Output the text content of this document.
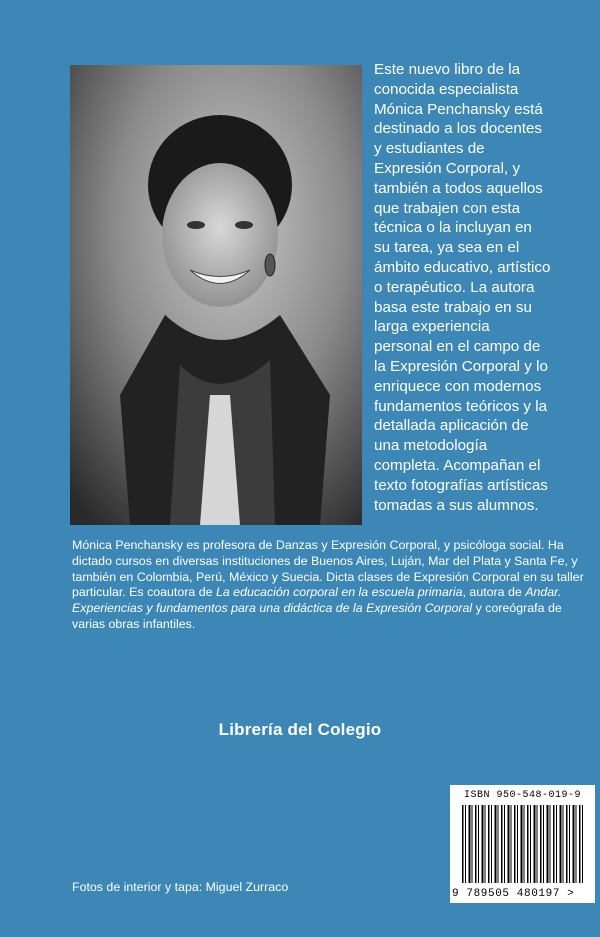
Este nuevo libro de la
conocida especialista
Mónica Penchansky está
destinado a los docentes
y estudiantes de
Expresión Corporal, y
también a todos aquellos
que trabajen con esta
técnica o la incluyan en
su tarea, ya sea en el
ámbito educativo, artístico
o terapéutico. La autora
basa este trabajo en su
larga experiencia
personal en el campo de
la Expresión Corporal y lo
enriquece con modernos
fundamentos teóricos y la
detallada aplicación de
una metodología
completa. Acompañan el
texto fotografías artísticas
tomadas a sus alumnos.
Mónica Penchansky es profesora de Danzas y Expresión Corporal, y psicóloga social. Ha dictado cursos en diversas instituciones de Buenos Aires, Luján, Mar del Plata y Santa Fe, y también en Colombia, Perú, México y Suecia. Dicta clases de Expresión Corporal en su taller particular. Es coautora de La educación corporal en la escuela primaria, autora de Andar. Experiencias y fundamentos para una didáctica de la Expresión Corporal y coreógrafa de varias obras infantiles.
Librería del Colegio
ISBN 950-548-019-9
9 789505 480197 >
Fotos de interior y tapa: Miguel Zurraco
